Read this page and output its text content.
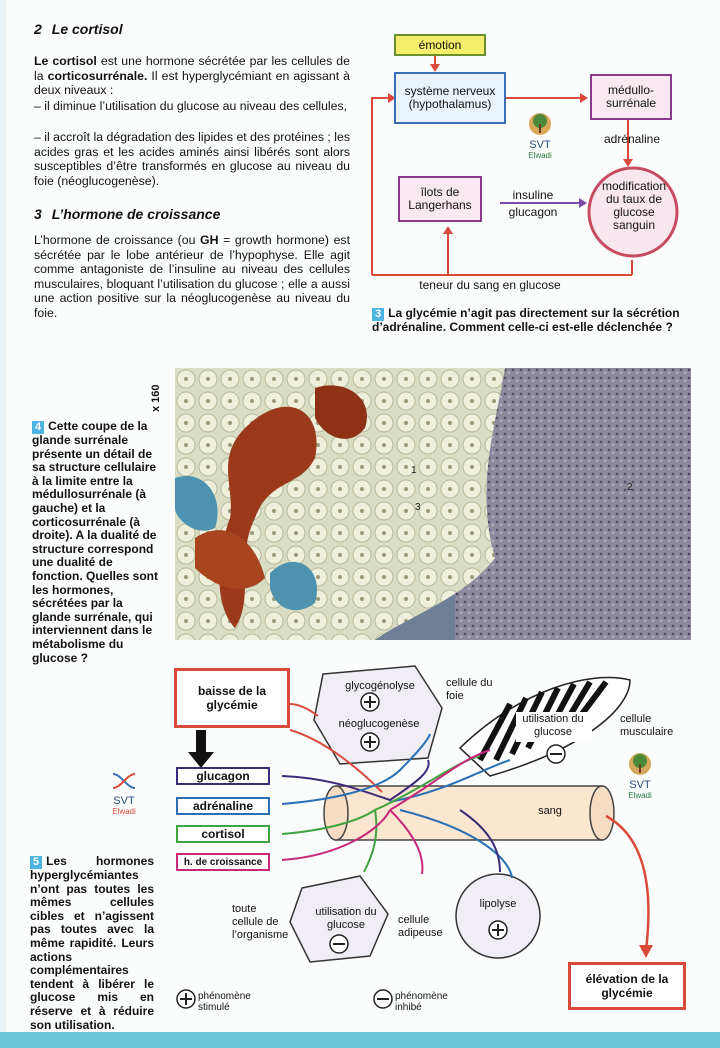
2 Le cortisol
Le cortisol est une hormone sécrétée par les cellules de la corticosurrénale. Il est hyperglycémiant en agissant à deux niveaux :
– il diminue l’utilisation du glucose au niveau des cellules,
– il accroît la dégradation des lipides et des protéines ; les acides gras et les acides aminés ainsi libérés sont alors susceptibles d’être transformés en glucose au niveau du foie (néoglucogenèse).
3 L’hormone de croissance
L’hormone de croissance (ou GH = growth hormone) est sécrétée par le lobe antérieur de l’hypophyse. Elle agit comme antagoniste de l’insuline au niveau des cellules musculaires, bloquant l’utilisation du glucose ; elle a aussi une action positive sur la néoglucogenèse au niveau du foie.
émotion
système nerveux (hypothalamus)
médullo-surrénale
adrénaline
îlots de Langerhans
insuline
glucagon
modification du taux de glucose sanguin
teneur du sang en glucose
SVT
Elwadi
3 La glycémie n’agit pas directement sur la sécrétion d’adrénaline. Comment celle-ci est-elle déclenchée ?
x 160
1
2
3
4 Cette coupe de la glande surrénale présente un détail de sa structure cellulaire à la limite entre la médullosurrénale (à gauche) et la corticosurrénale (à droite). A la dualité de structure correspond une dualité de fonction. Quelles sont les hormones, sécrétées par la glande surrénale, qui interviennent dans le métabolisme du glucose ?
baisse de la glycémie
glucagon
adrénaline
cortisol
h. de croissance
glycogénolyse
néoglucogenèse
cellule du foie
utilisation du glucose
cellule musculaire
sang
toute cellule de l’organisme
utilisation du glucose	cellule adipeuse
lipolyse
élévation de la glycémie
phénomène stimulé
phénomène inhibé
SVT
Elwadi
SVT
Elwadi
5 Les hormones hyperglycémiantes n’ont pas toutes les mêmes cellules cibles et n’agissent pas toutes avec la même rapidité. Leurs actions complémentaires tendent à libérer le glucose mis en réserve et à réduire son utilisation.
